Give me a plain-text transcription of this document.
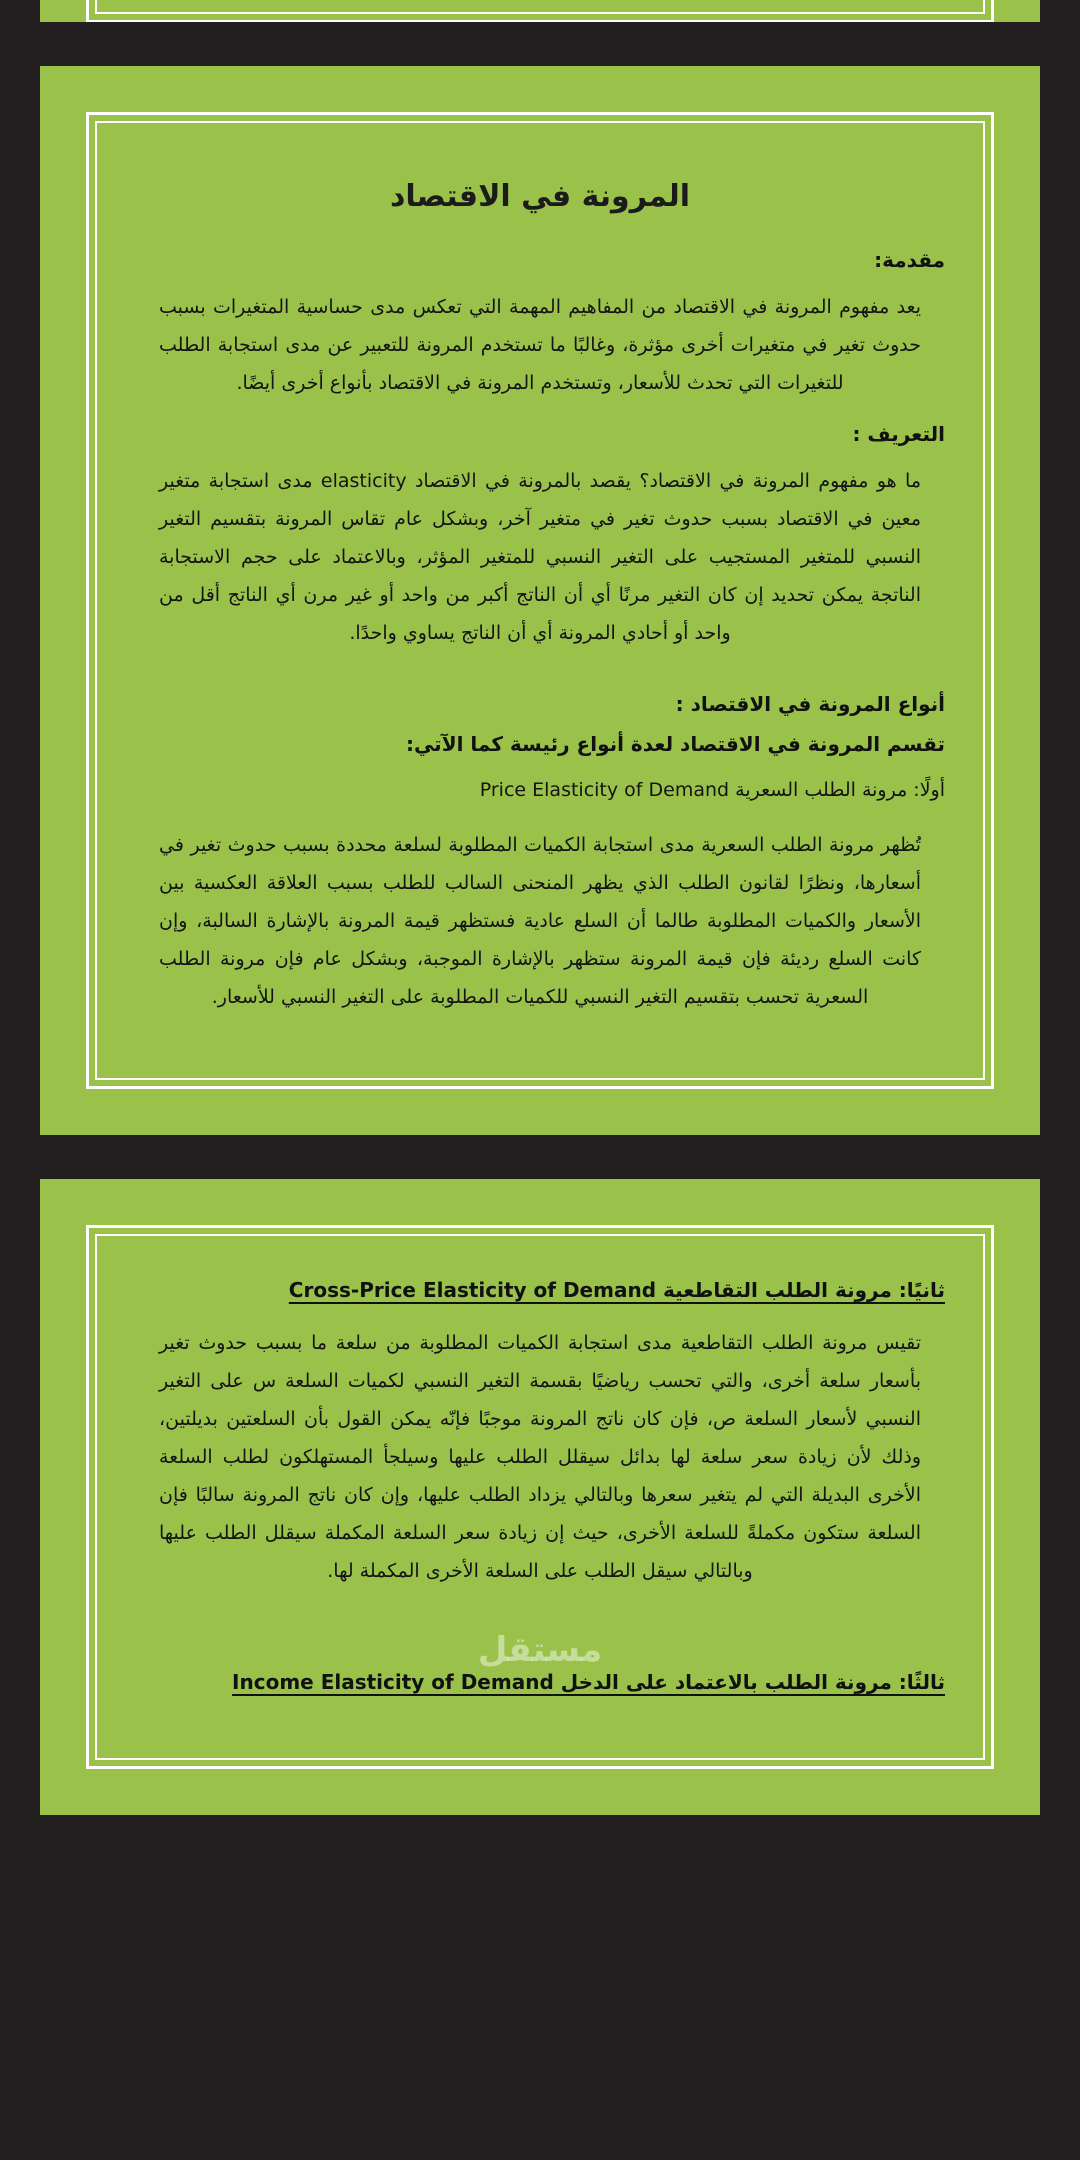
المرونة في الاقتصاد
مقدمة:

يعد مفهوم المرونة في الاقتصاد من المفاهيم المهمة التي تعكس مدى حساسية المتغيرات بسبب حدوث تغير في متغيرات أخرى مؤثرة، وغالبًا ما تستخدم المرونة للتعبير عن مدى استجابة الطلب للتغيرات التي تحدث للأسعار، وتستخدم المرونة في الاقتصاد بأنواع أخرى أيضًا.

التعريف :

ما هو مفهوم المرونة في الاقتصاد؟ يقصد بالمرونة في الاقتصاد elasticity مدى استجابة متغير معين في الاقتصاد بسبب حدوث تغير في متغير آخر، وبشكل عام تقاس المرونة بتقسيم التغير النسبي للمتغير المستجيب على التغير النسبي للمتغير المؤثر، وبالاعتماد على حجم الاستجابة الناتجة يمكن تحديد إن كان التغير مرنًا أي أن الناتج أكبر من واحد أو غير مرن أي الناتج أقل من واحد أو أحادي المرونة أي أن الناتج يساوي واحدًا.

أنواع المرونة في الاقتصاد :
تقسم المرونة في الاقتصاد لعدة أنواع رئيسة كما الآتي:
أولًا: مرونة الطلب السعرية Price Elasticity of Demand

تُظهر مرونة الطلب السعرية مدى استجابة الكميات المطلوبة لسلعة محددة بسبب حدوث تغير في أسعارها، ونظرًا لقانون الطلب الذي يظهر المنحنى السالب للطلب بسبب العلاقة العكسية بين الأسعار والكميات المطلوبة طالما أن السلع عادية فستظهر قيمة المرونة بالإشارة السالبة، وإن كانت السلع رديئة فإن قيمة المرونة ستظهر بالإشارة الموجبة، وبشكل عام فإن مرونة الطلب السعرية تحسب بتقسيم التغير النسبي للكميات المطلوبة على التغير النسبي للأسعار.

ثانيًا: مرونة الطلب التقاطعية Cross-Price Elasticity of Demand

تقيس مرونة الطلب التقاطعية مدى استجابة الكميات المطلوبة من سلعة ما بسبب حدوث تغير بأسعار سلعة أخرى، والتي تحسب رياضيًا بقسمة التغير النسبي لكميات السلعة س على التغير النسبي لأسعار السلعة ص، فإن كان ناتج المرونة موجبًا فإنّه يمكن القول بأن السلعتين بديلتين، وذلك لأن زيادة سعر سلعة لها بدائل سيقلل الطلب عليها وسيلجأ المستهلكون لطلب السلعة الأخرى البديلة التي لم يتغير سعرها وبالتالي يزداد الطلب عليها، وإن كان ناتج المرونة سالبًا فإن السلعة ستكون مكملةً للسلعة الأخرى، حيث إن زيادة سعر السلعة المكملة سيقلل الطلب عليها وبالتالي سيقل الطلب على السلعة الأخرى المكملة لها.

مستقل
ثالثًا: مرونة الطلب بالاعتماد على الدخل Income Elasticity of Demand
